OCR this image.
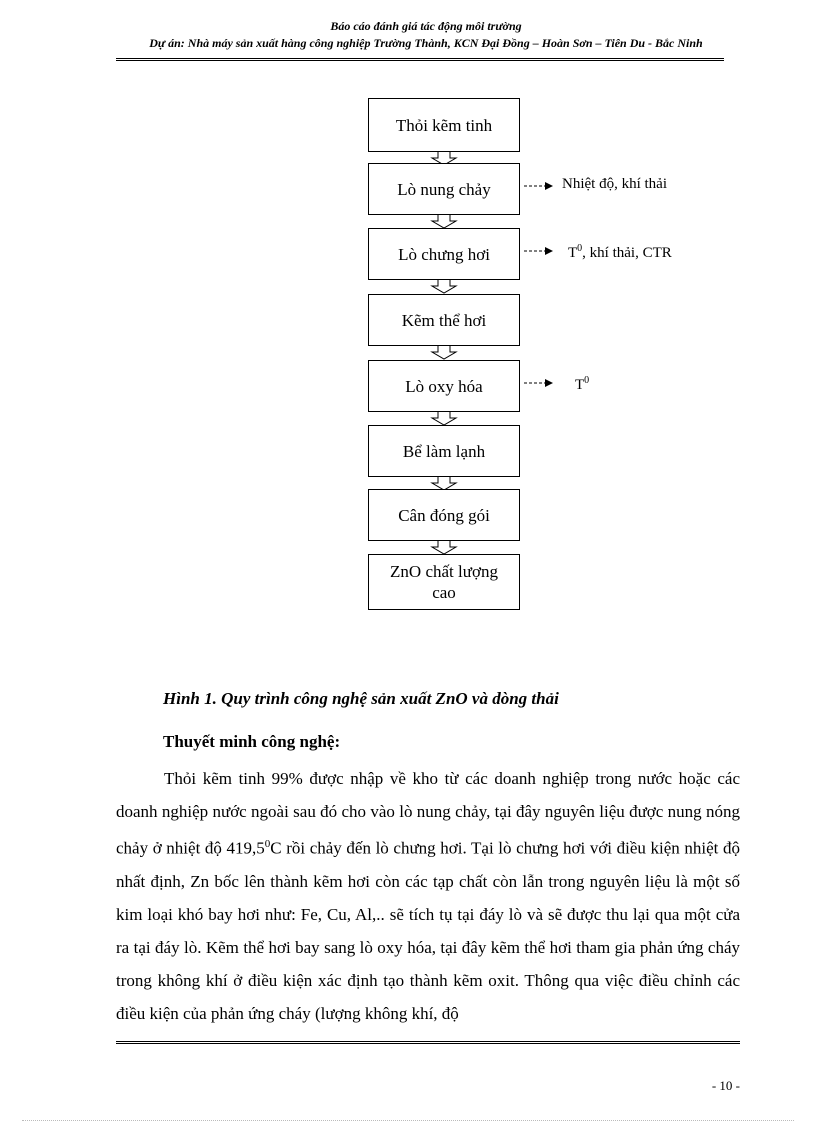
Báo cáo đánh giá tác động môi trường
Dự án: Nhà máy sản xuất hàng công nghiệp Trường Thành, KCN Đại Đồng – Hoàn Sơn – Tiên Du - Bắc Ninh
Thỏi kẽm tinh
Lò nung chảy
Lò chưng hơi
Kẽm thể hơi
Lò oxy hóa
Bể làm lạnh
Cân đóng gói
ZnO chất lượng cao
Nhiệt độ, khí thải
$T^0$, khí thải, CTR
$T^0$
Hình 1. Quy trình công nghệ sản xuất ZnO và dòng thải
Thuyết minh công nghệ:

Thỏi kẽm tinh 99% được nhập về kho từ các doanh nghiệp trong nước hoặc các doanh nghiệp nước ngoài sau đó cho vào lò nung chảy, tại đây nguyên liệu được nung nóng chảy ở nhiệt độ 419,5$^0$C rồi chảy đến lò chưng hơi. Tại lò chưng hơi với điều kiện nhiệt độ nhất định, Zn bốc lên thành kẽm hơi còn các tạp chất còn lẫn trong nguyên liệu là một số kim loại khó bay hơi như: Fe, Cu, Al,.. sẽ tích tụ tại đáy lò và sẽ được thu lại qua một cửa ra tại đáy lò. Kẽm thể hơi bay sang lò oxy hóa, tại đây kẽm thể hơi tham gia phản ứng cháy trong không khí ở điều kiện xác định tạo thành kẽm oxit. Thông qua việc điều chỉnh các điều kiện của phản ứng cháy (lượng không khí, độ

- 10 -
